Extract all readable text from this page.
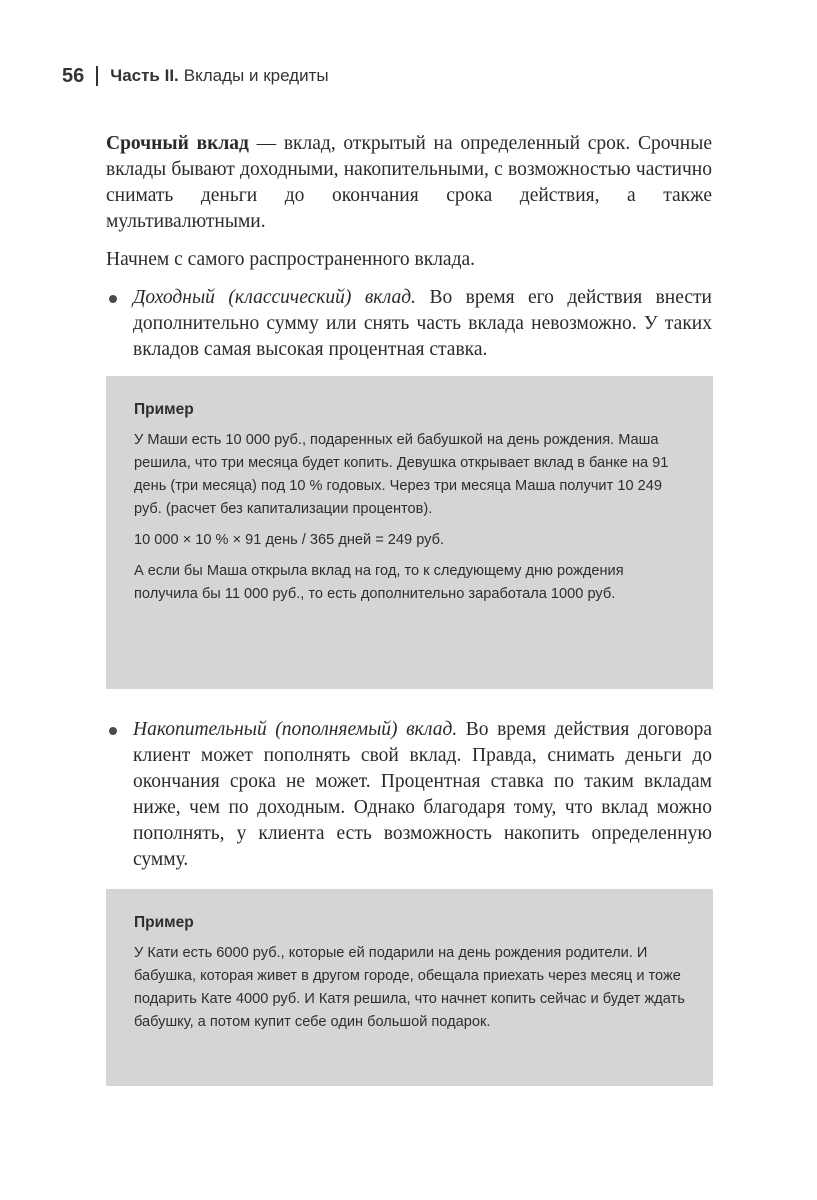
56 Часть II. Вклады и кредиты

Срочный вклад — вклад, открытый на определенный срок. Срочные вклады бывают доходными, накопительными, с возможностью частично снимать деньги до окончания срока действия, а также мультивалютными.

Начнем с самого распространенного вклада.

Доходный (классический) вклад. Во время его действия внести дополнительно сумму или снять часть вклада невозможно. У таких вкладов самая высокая процентная ставка.

Пример

У Маши есть 10 000 руб., подаренных ей бабушкой на день рождения. Маша решила, что три месяца будет копить. Девушка открывает вклад в банке на 91 день (три месяца) под 10 % годовых. Через три месяца Маша получит 10 249 руб. (расчет без капитализации процентов).

10 000 × 10 % × 91 день / 365 дней = 249 руб.

А если бы Маша открыла вклад на год, то к следующему дню рождения получила бы 11 000 руб., то есть дополнительно заработала 1000 руб.

Накопительный (пополняемый) вклад. Во время действия договора клиент может пополнять свой вклад. Правда, снимать деньги до окончания срока не может. Процентная ставка по таким вкладам ниже, чем по доходным. Однако благодаря тому, что вклад можно пополнять, у клиента есть возможность накопить определенную сумму.

Пример

У Кати есть 6000 руб., которые ей подарили на день рождения родители. И бабушка, которая живет в другом городе, обещала приехать через месяц и тоже подарить Кате 4000 руб. И Катя решила, что начнет копить сейчас и будет ждать бабушку, а потом купит себе один большой подарок.
